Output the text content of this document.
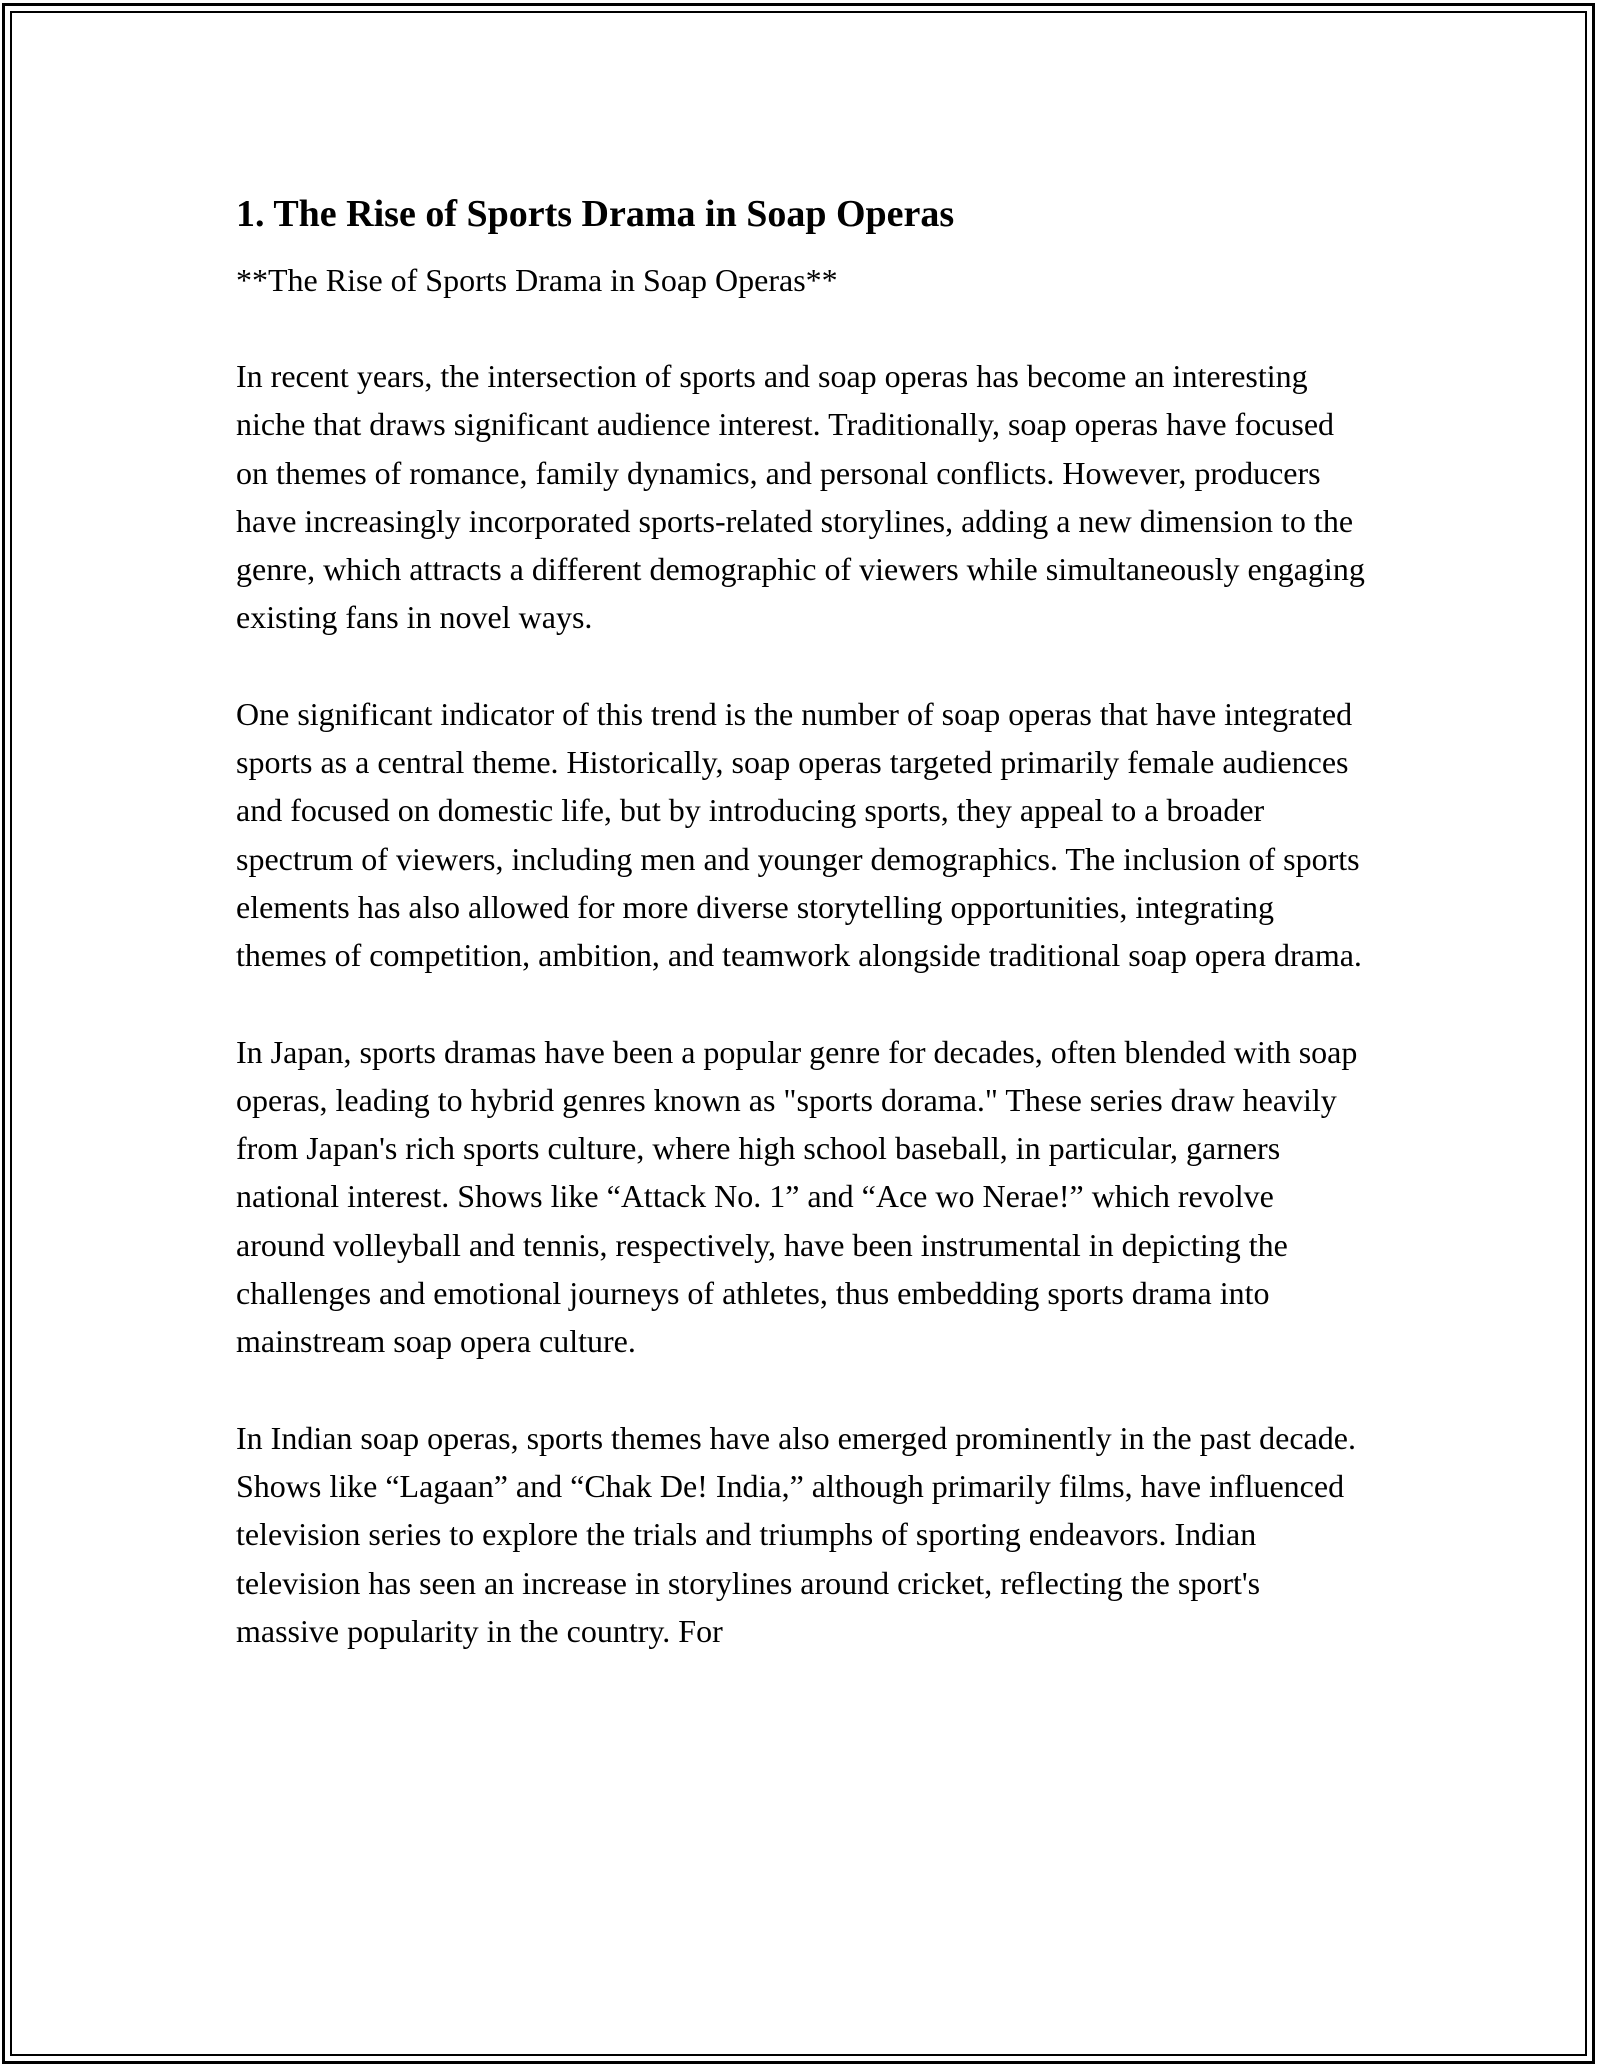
1. The Rise of Sports Drama in Soap Operas

**The Rise of Sports Drama in Soap Operas**

In recent years, the intersection of sports and soap operas has become an interesting niche that draws significant audience interest. Traditionally, soap operas have focused on themes of romance, family dynamics, and personal conflicts. However, producers have increasingly incorporated sports-related storylines, adding a new dimension to the genre, which attracts a different demographic of viewers while simultaneously engaging existing fans in novel ways.

One significant indicator of this trend is the number of soap operas that have integrated sports as a central theme. Historically, soap operas targeted primarily female audiences and focused on domestic life, but by introducing sports, they appeal to a broader spectrum of viewers, including men and younger demographics. The inclusion of sports elements has also allowed for more diverse storytelling opportunities, integrating themes of competition, ambition, and teamwork alongside traditional soap opera drama.

In Japan, sports dramas have been a popular genre for decades, often blended with soap operas, leading to hybrid genres known as "sports dorama." These series draw heavily from Japan's rich sports culture, where high school baseball, in particular, garners national interest. Shows like “Attack No. 1” and “Ace wo Nerae!” which revolve around volleyball and tennis, respectively, have been instrumental in depicting the challenges and emotional journeys of athletes, thus embedding sports drama into mainstream soap opera culture.

In Indian soap operas, sports themes have also emerged prominently in the past decade. Shows like “Lagaan” and “Chak De! India,” although primarily films, have influenced television series to explore the trials and triumphs of sporting endeavors. Indian television has seen an increase in storylines around cricket, reflecting the sport's massive popularity in the country. For
